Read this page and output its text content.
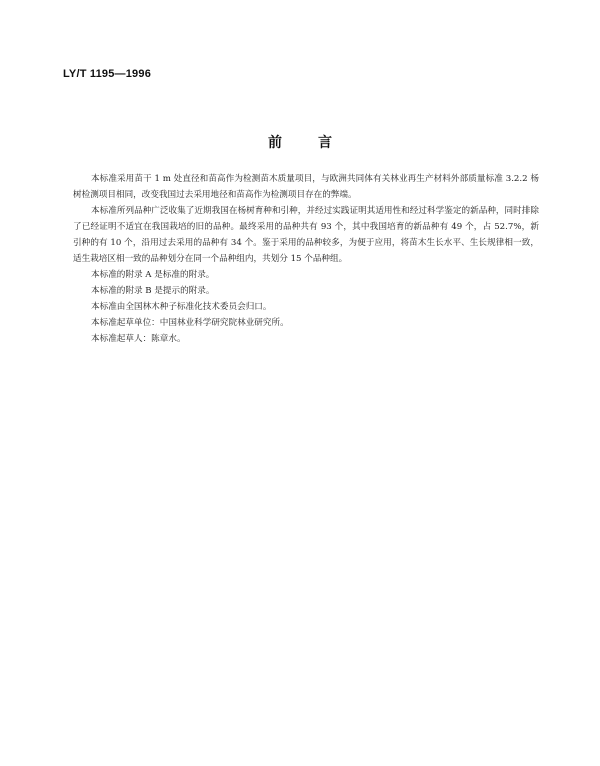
LY/T 1195—1996
前言

本标准采用苗干 1 m 处直径和苗高作为检测苗木质量项目，与欧洲共同体有关林业再生产材料外部质量标准 3.2.2 杨树检测项目相同，改变我国过去采用地径和苗高作为检测项目存在的弊端。

本标准所列品种广泛收集了近期我国在杨树育种和引种，并经过实践证明其适用性和经过科学鉴定的新品种，同时排除了已经证明不适宜在我国栽培的旧的品种。最终采用的品种共有 93 个，其中我国培育的新品种有 49 个，占 52.7%，新引种的有 10 个，沿用过去采用的品种有 34 个。鉴于采用的品种较多，为便于应用，将苗木生长水平、生长规律相一致，适生栽培区相一致的品种划分在同一个品种组内，共划分 15 个品种组。

本标准的附录 A 是标准的附录。

本标准的附录 B 是提示的附录。

本标准由全国林木种子标准化技术委员会归口。

本标准起草单位：中国林业科学研究院林业研究所。

本标准起草人：陈章水。
